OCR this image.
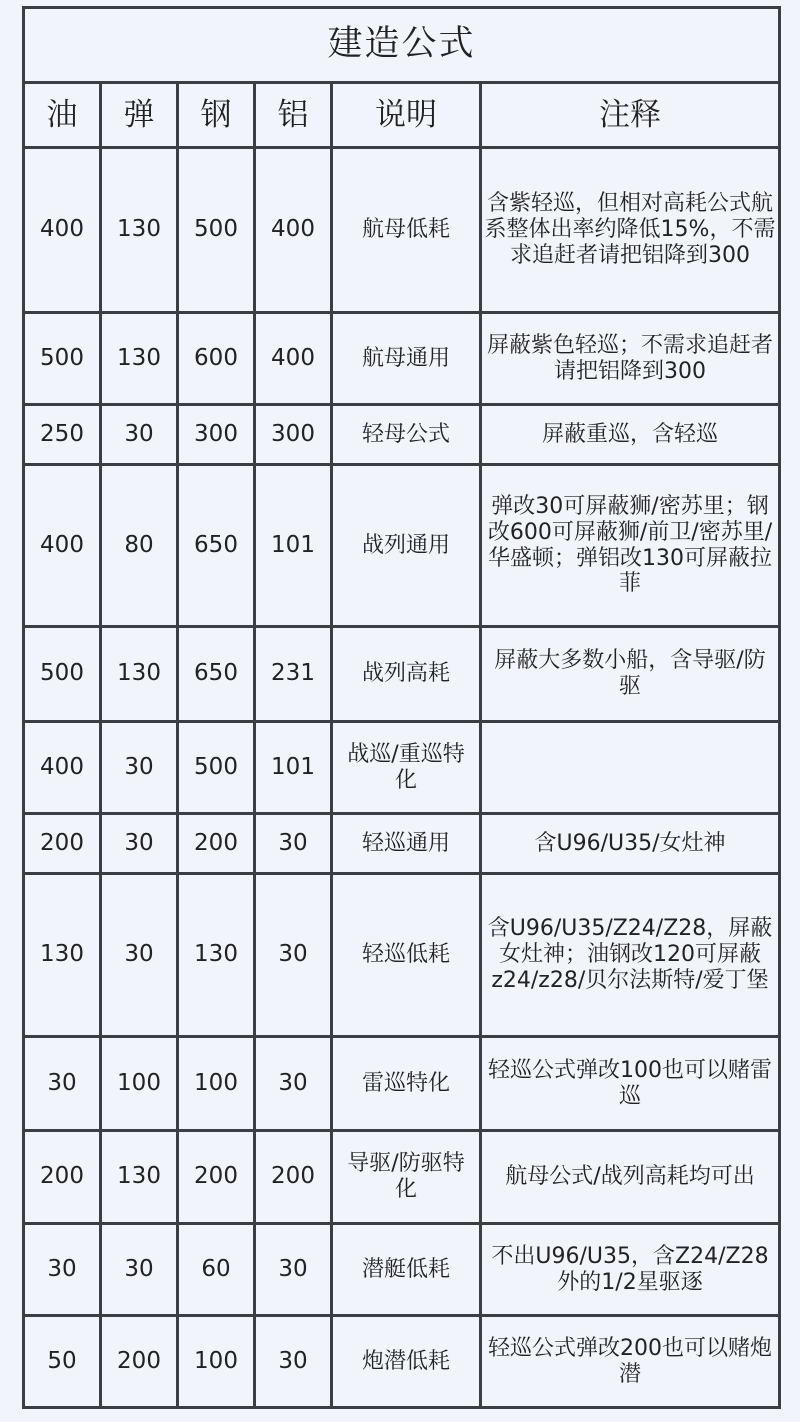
建造公式					
油	弹	钢	铝	说明	注释
400	130	500	400	航母低耗	含紫轻巡，但相对高耗公式航系整体出率约降低15%，不需求追赶者请把铝降到300
500	130	600	400	航母通用	屏蔽紫色轻巡；不需求追赶者请把铝降到300
250	30	300	300	轻母公式	屏蔽重巡，含轻巡
400	80	650	101	战列通用	弹改30可屏蔽狮/密苏里；钢改600可屏蔽狮/前卫/密苏里/华盛顿；弹铝改130可屏蔽拉菲
500	130	650	231	战列高耗	屏蔽大多数小船，含导驱/防驱
400	30	500	101	战巡/重巡特化	
200	30	200	30	轻巡通用	含U96/U35/女灶神
130	30	130	30	轻巡低耗	含U96/U35/Z24/Z28，屏蔽女灶神；油钢改120可屏蔽z24/z28/贝尔法斯特/爱丁堡
30	100	100	30	雷巡特化	轻巡公式弹改100也可以赌雷巡
200	130	200	200	导驱/防驱特化	航母公式/战列高耗均可出
30	30	60	30	潜艇低耗	不出U96/U35，含Z24/Z28外的1/2星驱逐
50	200	100	30	炮潜低耗	轻巡公式弹改200也可以赌炮潜
